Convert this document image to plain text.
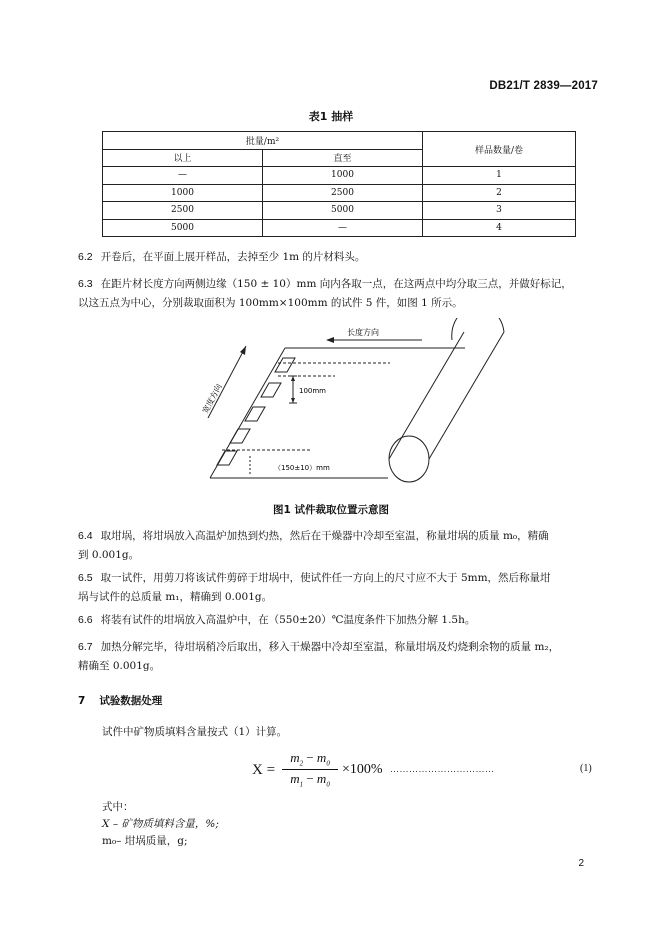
DB21/T 2839—2017
表1 抽样
批量/m²		样品数量/卷
以上	直至	
—	1000	1
1000	2500	2
2500	5000	3
5000	—	4
6.2 开卷后，在平面上展开样品，去掉至少 1m 的片材料头。
6.3 在距片材长度方向两侧边缘（150 ± 10）mm 向内各取一点，在这两点中均分取三点，并做好标记，
以这五点为中心，分别裁取面积为 100mm×100mm 的试件 5 件，如图 1 所示。
长度方向
100mm
（150±10）mm
宽度方向
图1 试件裁取位置示意图
6.4 取坩埚，将坩埚放入高温炉加热到灼热，然后在干燥器中冷却至室温，称量坩埚的质量 m₀，精确
到 0.001g。
6.5 取一试件，用剪刀将该试件剪碎于坩埚中，使试件任一方向上的尺寸应不大于 5mm，然后称量坩
埚与试件的总质量 m₁，精确到 0.001g。
6.6 将装有试件的坩埚放入高温炉中，在（550±20）℃温度条件下加热分解 1.5h。
6.7 加热分解完毕，待坩埚稍冷后取出，移入干燥器中冷却至室温，称量坩埚及灼烧剩余物的质量 m₂，
精确至 0.001g。
7 试验数据处理
试件中矿物质填料含量按式（1）计算。
X =
$m_2 - m_0$
$m_1 - m_0$
×100% ……………………………	(1)
式中：
X – 矿物质填料含量，%;
m₀– 坩埚质量，g;
2
